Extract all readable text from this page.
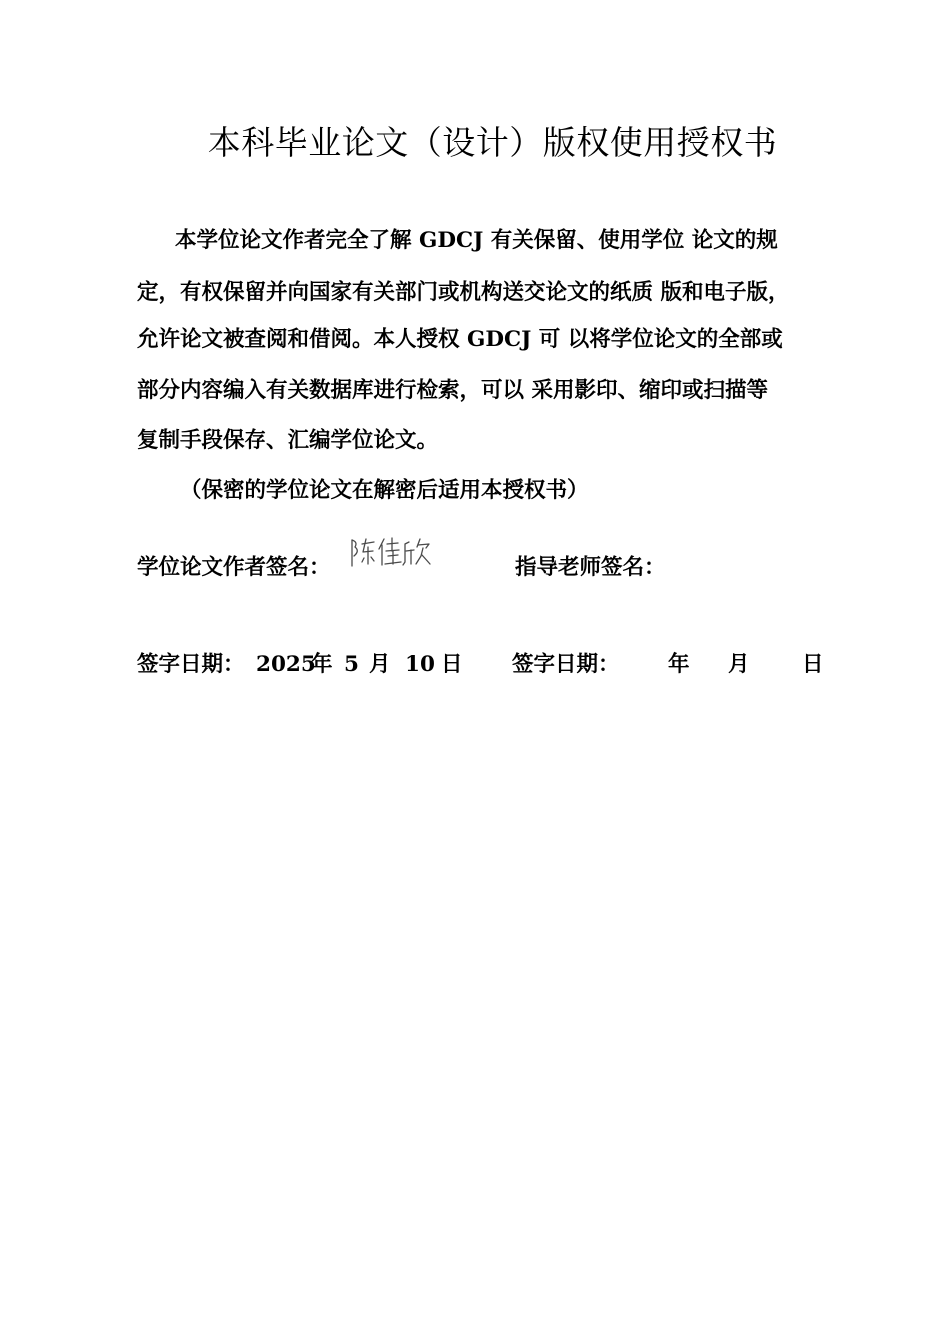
本科毕业论文（设计）版权使用授权书

本学位论文作者完全了解 GDCJ 有关保留、使用学位 论文的规

定，有权保留并向国家有关部门或机构送交论文的纸质 版和电子版，

允许论文被查阅和借阅。本人授权 GDCJ 可 以将学位论文的全部或

部分内容编入有关数据库进行检索，可以 采用影印、缩印或扫描等

复制手段保存、汇编学位论文。

（保密的学位论文在解密后适用本授权书）

学位论文作者签名：	指导老师签名：
签字日期： 2025
年 5 月 10 日 签字日期： 年 月 日
